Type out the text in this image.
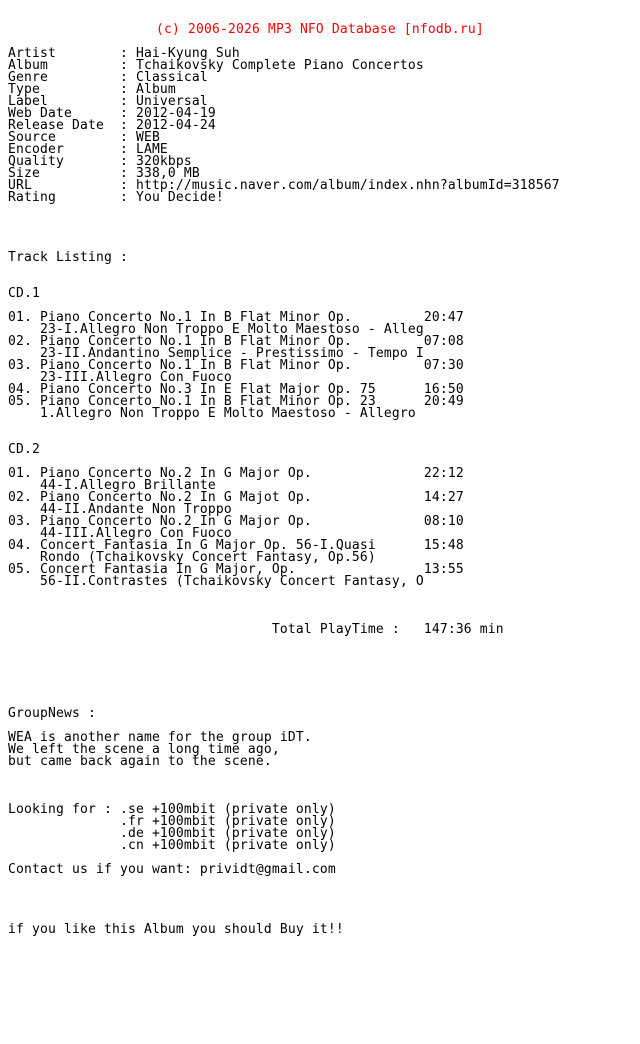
(c) 2006-2026 MP3 NFO Database [nfodb.ru]

Artist        : Hai-Kyung Suh
Album         : Tchaikovsky Complete Piano Concertos
Genre         : Classical
Type          : Album
Label         : Universal
Web Date      : 2012-04-19
Release Date  : 2012-04-24
Source        : WEB
Encoder       : LAME
Quality       : 320kbps
Size          : 338,0 MB
URL           : http://music.naver.com/album/index.nhn?albumId=318567
Rating        : You Decide!
Track Listing :
CD.1
01. Piano Concerto No.1 In B Flat Minor Op.         20:47
23-I.Allegro Non Troppo E Molto Maestoso - Alleg
02. Piano Concerto No.1 In B Flat Minor Op.         07:08
23-II.Andantino Semplice - Prestissimo - Tempo I
03. Piano Concerto No.1 In B Flat Minor Op.         07:30
23-III.Allegro Con Fuoco
04. Piano Concerto No.3 In E Flat Major Op. 75      16:50
05. Piano Concerto No.1 In B Flat Minor Op. 23      20:49
1.Allegro Non Troppo E Molto Maestoso - Allegro
CD.2
01. Piano Concerto No.2 In G Major Op.              22:12
44-I.Allegro Brillante
02. Piano Concerto No.2 In G Majot Op.              14:27
44-II.Andante Non Troppo
03. Piano Concerto No.2 In G Major Op.              08:10
44-III.Allegro Con Fuoco
04. Concert Fantasia In G Major Op. 56-I.Quasi      15:48
Rondo (Tchaikovsky Concert Fantasy, Op.56)
05. Concert Fantasia In G Major, Op.                13:55
56-II.Contrastes (Tchaikovsky Concert Fantasy, O
Total PlayTime :   147:36 min
GroupNews :
WEA is another name for the group iDT.
We left the scene a long time ago,
but came back again to the scene.
Looking for : .se +100mbit (private only)
.fr +100mbit (private only)
.de +100mbit (private only)
.cn +100mbit (private only)
Contact us if you want: prividt@gmail.com
if you like this Album you should Buy it!!
